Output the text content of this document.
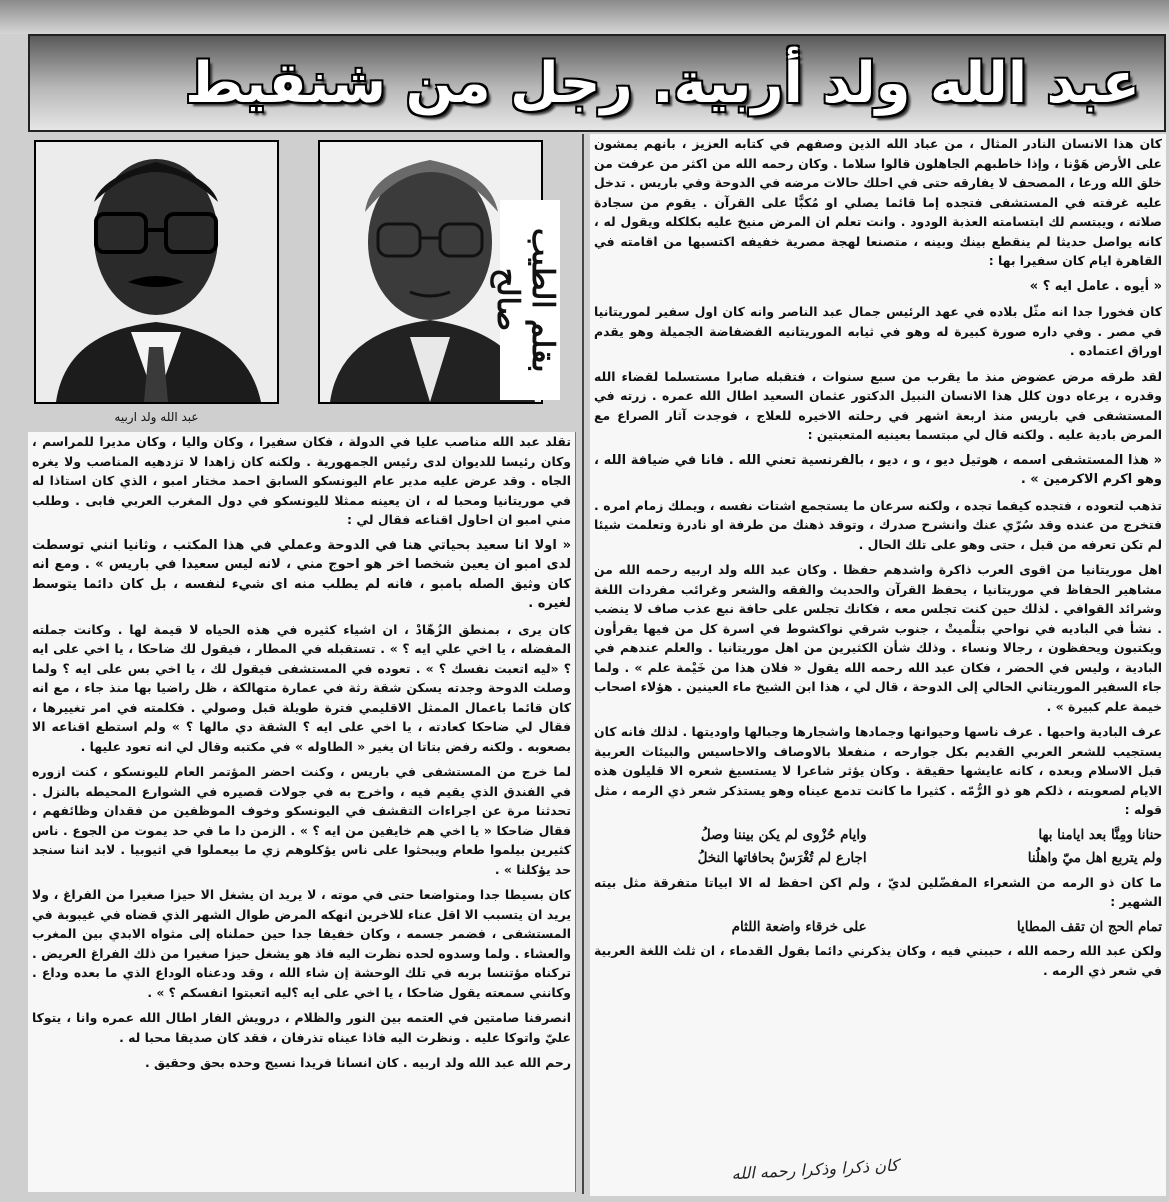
عبد الله ولد أربية. رجل من شنقيط
بقلم الطيب صالح
عبد الله ولد اربيه

كان هذا الانسان النادر المثال ، من عباد الله الذين وصفهم في كتابه العزيز ، بانهم يمشون على الأرض هَوْنا ، وإذا خاطبهم الجاهلون قالوا سلاما . وكان رحمه الله من اكثر من عرفت من خلق الله ورعا ، المصحف لا يفارقه حتى في احلك حالات مرضه في الدوحة وفي باريس . تدخل عليه غرفته في المستشفى فتجده إما قائما يصلي او مُكبًّا على القرآن . يقوم من سجادة صلاته ، ويبتسم لك ابتسامته العذبة الودود . وانت تعلم ان المرض منيخ عليه بكلكله ويقول له ، كانه يواصل حديثا لم ينقطع بينك وبينه ، متصنعا لهجة مصرية خفيفه اكتسبها من اقامته في القاهرة ايام كان سفيرا بها :

« أيوه . عامل ايه ؟ »

كان فخورا جدا انه مثّل بلاده في عهد الرئيس جمال عبد الناصر وانه كان اول سفير لموريتانيا في مصر . وفي داره صورة كبيرة له وهو في ثيابه الموريتانيه الفضفاضة الجميلة وهو يقدم اوراق اعتماده .

لقد طرقه مرض عضوض منذ ما يقرب من سبع سنوات ، فتقبله صابرا مستسلما لقضاء الله وقدره ، يرعاه دون كلل هذا الانسان النبيل الدكتور عثمان السعيد اطال الله عمره . زرته في المستشفى في باريس منذ اربعة اشهر في رحلته الاخيره للعلاج ، فوجدت آثار الصراع مع المرض بادية عليه . ولكنه قال لي مبتسما بعينيه المتعبتين :

« هذا المستشفى اسمه ، هوتيل ديو ، و ، ديو ، بالفرنسية تعني الله . فانا في ضيافة الله ، وهو اكرم الاكرمين » .

تذهب لتعوده ، فتجده كيفما تجده ، ولكنه سرعان ما يستجمع اشتات نفسه ، ويملك زمام امره . فتخرج من عنده وقد سُرّي عنك وانشرح صدرك ، وتوقد ذهنك من طرفة او نادرة وتعلمت شيئا لم تكن تعرفه من قبل ، حتى وهو على تلك الحال .

اهل موريتانيا من اقوى العرب ذاكرة واشدهم حفظا . وكان عبد الله ولد اربيه رحمه الله من مشاهير الحفاظ في موريتانيا ، يحفظ القرآن والحديث والفقه والشعر وغرائب مفردات اللغة وشرائد القوافي . لذلك حين كنت تجلس معه ، فكانك تجلس على حافة نبع عذب صاف لا ينضب . نشأ في الباديه في نواحي بتلْميتْ ، جنوب شرقي نواكشوط في اسرة كل من فيها يقرأون ويكتبون ويحفظون ، رجالا ونساء . وذلك شأن الكثيرين من اهل موريتانيا . والعلم عندهم في البادية ، وليس في الحضر ، فكان عبد الله رحمه الله يقول « فلان هذا من خَيْمة علم » . ولما جاء السفير الموريتاني الحالي إلى الدوحة ، قال لي ، هذا ابن الشيخ ماء العينين . هؤلاء اصحاب خيمة علم كبيرة » .

عرف البادية واحبها . عرف ناسها وحيوانها وجمادها واشجارها وجبالها واوديتها . لذلك فانه كان يستجيب للشعر العربي القديم بكل جوارحه ، منفعلا بالاوصاف والاحاسيس والبيئات العربية قبل الاسلام وبعده ، كانه عايشها حقيقة . وكان يؤثر شاعرا لا يستسيغ شعره الا قليلون هذه الايام لصعوبته ، ذلكم هو ذو الرُّمّه . كثيرا ما كانت تدمع عيناه وهو يستذكر شعر ذي الرمه ، مثل قوله :

حنانا ومِنَّا بعد ايامنا بها
وايام حُزْوى لم يكن بيننا وصلُ
ولم يتربع اهل ميّ واهلُنا
اجارع لم تُغْرَسْ بحافاتها النخلُ

ما كان ذو الرمه من الشعراء المفضّلين لديّ ، ولم اكن احفظ له الا ابياتا متفرقة مثل بيته الشهير :

تمام الحج ان تقف المطايا
على خرقاء واضعة اللثام

ولكن عبد الله رحمه الله ، حببني فيه ، وكان يذكرني دائما بقول القدماء ، ان ثلث اللغة العربية في شعر ذي الرمه .

تقلد عبد الله مناصب عليا في الدولة ، فكان سفيرا ، وكان واليا ، وكان مديرا للمراسم ، وكان رئيسا للديوان لدى رئيس الجمهورية . ولكنه كان زاهدا لا تزدهيه المناصب ولا يغره الجاه . وقد عرض عليه مدير عام اليونسكو السابق احمد مختار امبو ، الذي كان استاذا له في موريتانيا ومحبا له ، ان يعينه ممثلا لليونسكو في دول المغرب العربي فابى . وطلب مني امبو ان احاول اقناعه فقال لي :

« اولا انا سعيد بحياتي هنا في الدوحة وعملي في هذا المكتب ، وثانيا انني توسطت لدى امبو ان يعين شخصا اخر هو احوج مني ، لانه ليس سعيدا في باريس » . ومع انه كان وثيق الصله بامبو ، فانه لم يطلب منه اى شيء لنفسه ، بل كان دائما يتوسط لغيره .

كان يرى ، بمنطق الزُهّادْ ، ان اشياء كثيره في هذه الحياه لا قيمة لها . وكانت جملته المفضله ، يا اخي علي ايه ؟ » . تستقبله في المطار ، فيقول لك ضاحكا ، يا اخي على ايه ؟ «ليه اتعبت نفسك ؟ » . تعوده في المستشفى فيقول لك ، يا اخي بس على ايه ؟ ولما وصلت الدوحة وجدته يسكن شقة رثة في عمارة متهالكة ، ظل راضيا بها منذ جاء ، مع انه كان قائما باعمال الممثل الاقليمي فترة طويلة قبل وصولي . فكلمته في امر تغييرها ، فقال لي ضاحكا كعادته ، يا اخي على ايه ؟ الشقة دي مالها ؟ » ولم استطع اقناعه الا بصعوبه . ولكنه رفض بتاتا ان يغير « الطاوله » في مكتبه وقال لي انه تعود عليها .

لما خرج من المستشفى في باريس ، وكنت احضر المؤتمر العام لليونسكو ، كنت ازوره في الفندق الذي يقيم فيه ، واخرج به في جولات قصيره في الشوارع المحيطه بالنزل . تحدثنا مرة عن اجراءات التقشف في اليونسكو وخوف الموظفين من فقدان وظائفهم ، فقال ضاحكا « يا اخي هم خايفين من ايه ؟ » . الزمن دا ما في حد يموت من الجوع . ناس كثيرين بيلموا طعام ويبحثوا على ناس يؤكلوهم زي ما بيعملوا في اثيوبيا . لابد اننا سنجد حد يؤكلنا » .

كان بسيطا جدا ومتواضعا حتى في موته ، لا يريد ان يشغل الا حيزا صغيرا من الفراغ ، ولا يريد ان يتسبب الا اقل عناء للاخرين انهكه المرض طوال الشهر الذي قضاه في غيبوبة في المستشفى ، فضمر جسمه ، وكان خفيفا جدا حين حملناه إلى مثواه الابدي بين المغرب والعشاء . ولما وسدوه لحده نظرت اليه فاذ هو يشغل حيزا صغيرا من ذلك الفراغ العريض . تركناه مؤتنسا بربه في تلك الوحشة إن شاء الله ، وقد ودعناه الوداع الذي ما بعده وداع . وكانني سمعته يقول ضاحكا ، يا اخي على ايه ؟ليه اتعبتوا انفسكم ؟ » .

انصرفنا صامتين في العتمه بين النور والظلام ، درويش الفار اطال الله عمره وانا ، يتوكا عليّ واتوكا عليه . ونظرت اليه فاذا عيناه تذرفان ، فقد كان صديقا محبا له .

رحم الله عبد الله ولد اربيه . كان انسانا فريدا نسيج وحده بحق وحقيق .

كان ذكرا وذكرا رحمه الله
